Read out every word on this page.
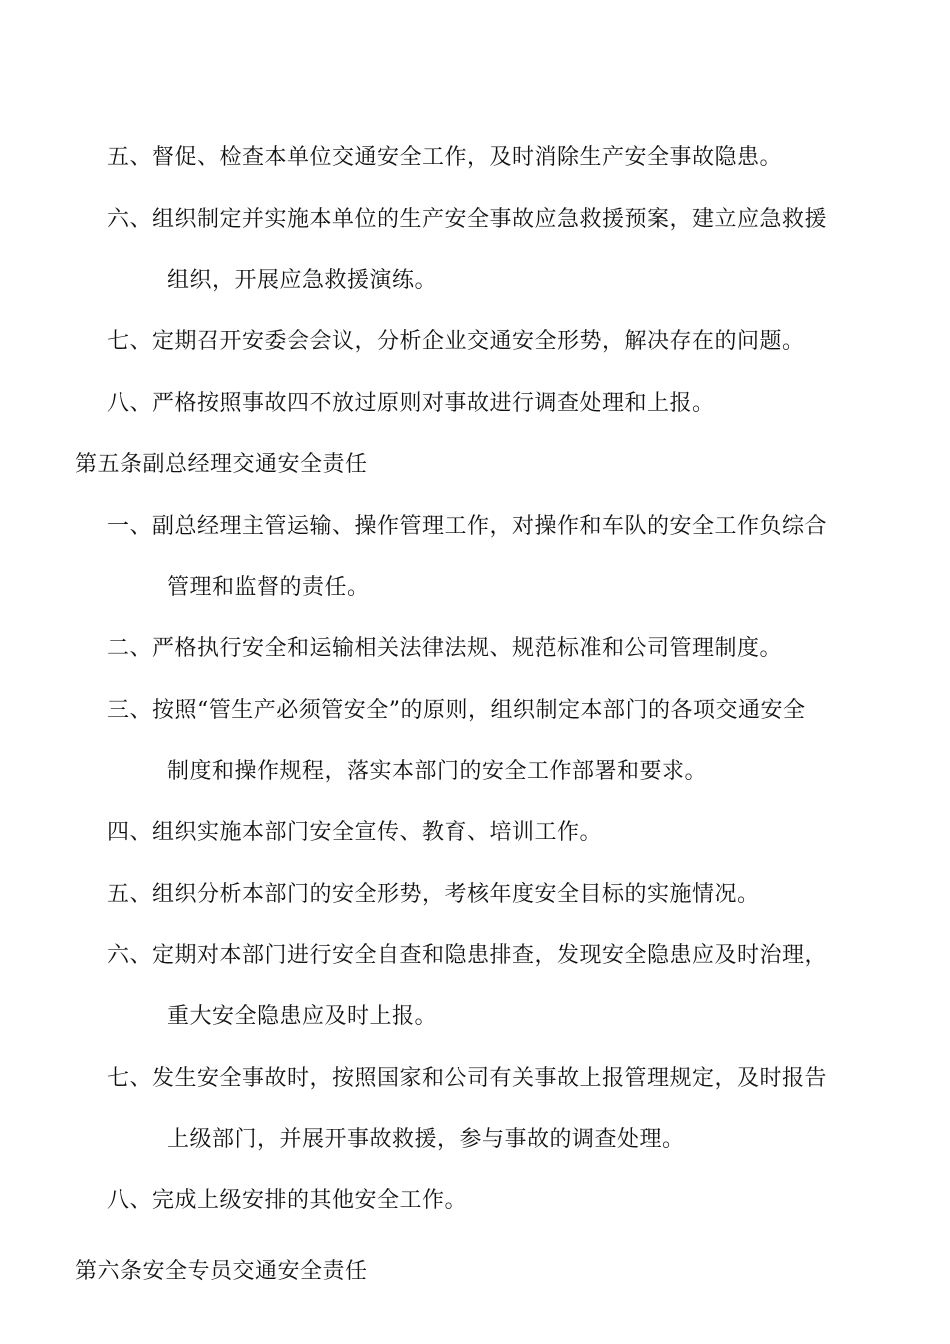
五、督促、检查本单位交通安全工作，及时消除生产安全事故隐患。
六、组织制定并实施本单位的生产安全事故应急救援预案，建立应急救援
组织，开展应急救援演练。
七、定期召开安委会会议，分析企业交通安全形势，解决存在的问题。
八、严格按照事故四不放过原则对事故进行调查处理和上报。
第五条副总经理交通安全责任
一、副总经理主管运输、操作管理工作，对操作和车队的安全工作负综合
管理和监督的责任。
二、严格执行安全和运输相关法律法规、规范标准和公司管理制度。
三、按照“管生产必须管安全”的原则，组织制定本部门的各项交通安全
制度和操作规程，落实本部门的安全工作部署和要求。
四、组织实施本部门安全宣传、教育、培训工作。
五、组织分析本部门的安全形势，考核年度安全目标的实施情况。
六、定期对本部门进行安全自查和隐患排查，发现安全隐患应及时治理，
重大安全隐患应及时上报。
七、发生安全事故时，按照国家和公司有关事故上报管理规定，及时报告
上级部门，并展开事故救援，参与事故的调查处理。
八、完成上级安排的其他安全工作。
第六条安全专员交通安全责任
